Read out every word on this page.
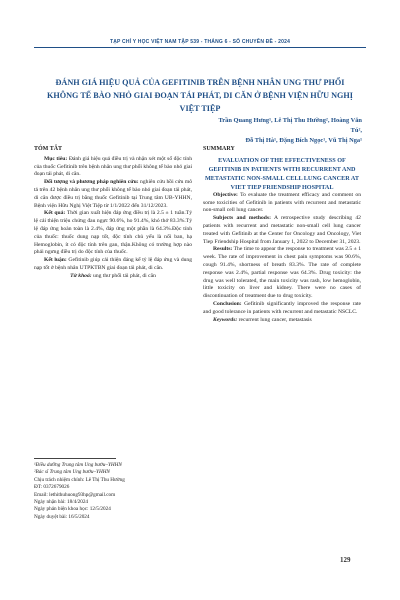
TẠP CHÍ Y HỌC VIỆT NAM TẬP 539 - THÁNG 6 - SỐ CHUYÊN ĐỀ - 2024
ĐÁNH GIÁ HIỆU QUẢ CỦA GEFITINIB TRÊN BỆNH NHÂN UNG THƯ PHỔI KHÔNG TẾ BÀO NHỎ GIAI ĐOẠN TÁI PHÁT, DI CĂN Ở BỆNH VIỆN HỮU NGHỊ VIỆT TIỆP
Trần Quang Hưng¹, Lê Thị Thu Hường², Hoàng Văn Tú²,
Đỗ Thị Hà¹, Đặng Bích Ngọc¹, Vũ Thị Nga¹
TÓM TẮT

Mục tiêu: Đánh giá hiệu quả điều trị và nhận xét một số độc tính của thuốc Gefitinib trên bệnh nhân ung thư phổi không tế bào nhỏ giai đoạn tái phát, di căn.

Đối tượng và phương pháp nghiên cứu: nghiên cứu hồi cứu mô tả trên 42 bệnh nhân ung thư phổi không tế bào nhỏ giai đoạn tái phát, di căn được điều trị bằng thuốc Gefitinib tại Trung tâm UB-YHHN, Bệnh viện Hữu Nghị Việt Tiệp từ 1/1/2022 đến 31/12/2023.

Kết quả: Thời gian xuất hiện đáp ứng điều trị là 2.5 ± 1 tuần.Tỷ lệ cải thiện triệu chứng đau ngực 90.6%, ho 91.4%, khó thở 83.3%.Tỷ lệ đáp ứng hoàn toàn là 2.4%, đáp ứng một phần là 64.3%.Độc tính của thuốc: thuốc dung nạp tốt, độc tính chủ yếu là nổi ban, hạ Hemoglobin, ít có độc tính trên gan, thận.Không có trường hợp nào phải ngưng điều trị do độc tính của thuốc.

Kết luận: Gefitinib giúp cải thiện đáng kể tỷ lệ đáp ứng và dung nạp tốt ở bệnh nhân UTPKTBN giai đoạn tái phát, di căn.

Từ khoá: ung thư phổi tái phát, di căn

SUMMARY

EVALUATION OF THE EFFECTIVENESS OF GEFITINIB IN PATIENTS WITH RECURRENT AND METASTATIC NON-SMALL CELL LUNG CANCER AT VIET TIEP FRIENDSHIP HOSPITAL

Objective: To evaluate the treatment efficacy and comment on some toxicities of Gefitinib in patients with recurrent and metastatic non-small cell lung cancer.

Subjects and methods: A retrospective study describing 42 patients with recurrent and metastatic non-small cell lung cancer treated with Gefitinib at the Center for Oncology and Oncology, Viet Tiep Friendship Hospital from January 1, 2022 to December 31, 2023.

Results: The time to appear the response to treatment was 2.5 ± 1 week. The rate of improvement in chest pain symptoms was 90.6%, cough 91.4%, shortness of breath 83.3%. The rate of complete response was 2.4%, partial response was 64.3%. Drug toxicity: the drug was well tolerated, the main toxicity was rash, low hemoglobin, little toxicity on liver and kidney. There were no cases of discontinuation of treatment due to drug toxicity.

Conclusion: Gefitinib significantly improved the response rate and good tolerance in patients with recurrent and metastatic NSCLC.

Keywords: recurrent lung cancer, metastasis

¹Điều dưỡng Trung tâm Ung bướu–YHHN

²Bác sĩ Trung tâm Ung bướu–YHHN

Chịu trách nhiệm chính: Lê Thị Thu Hường

ĐT: 0372679026

Email: lethithuhuong93hp@gmail.com

Ngày nhận bài: 18/4/2024

Ngày phản biện khoa học: 12/5/2024

Ngày duyệt bài: 16/5/2024

129
